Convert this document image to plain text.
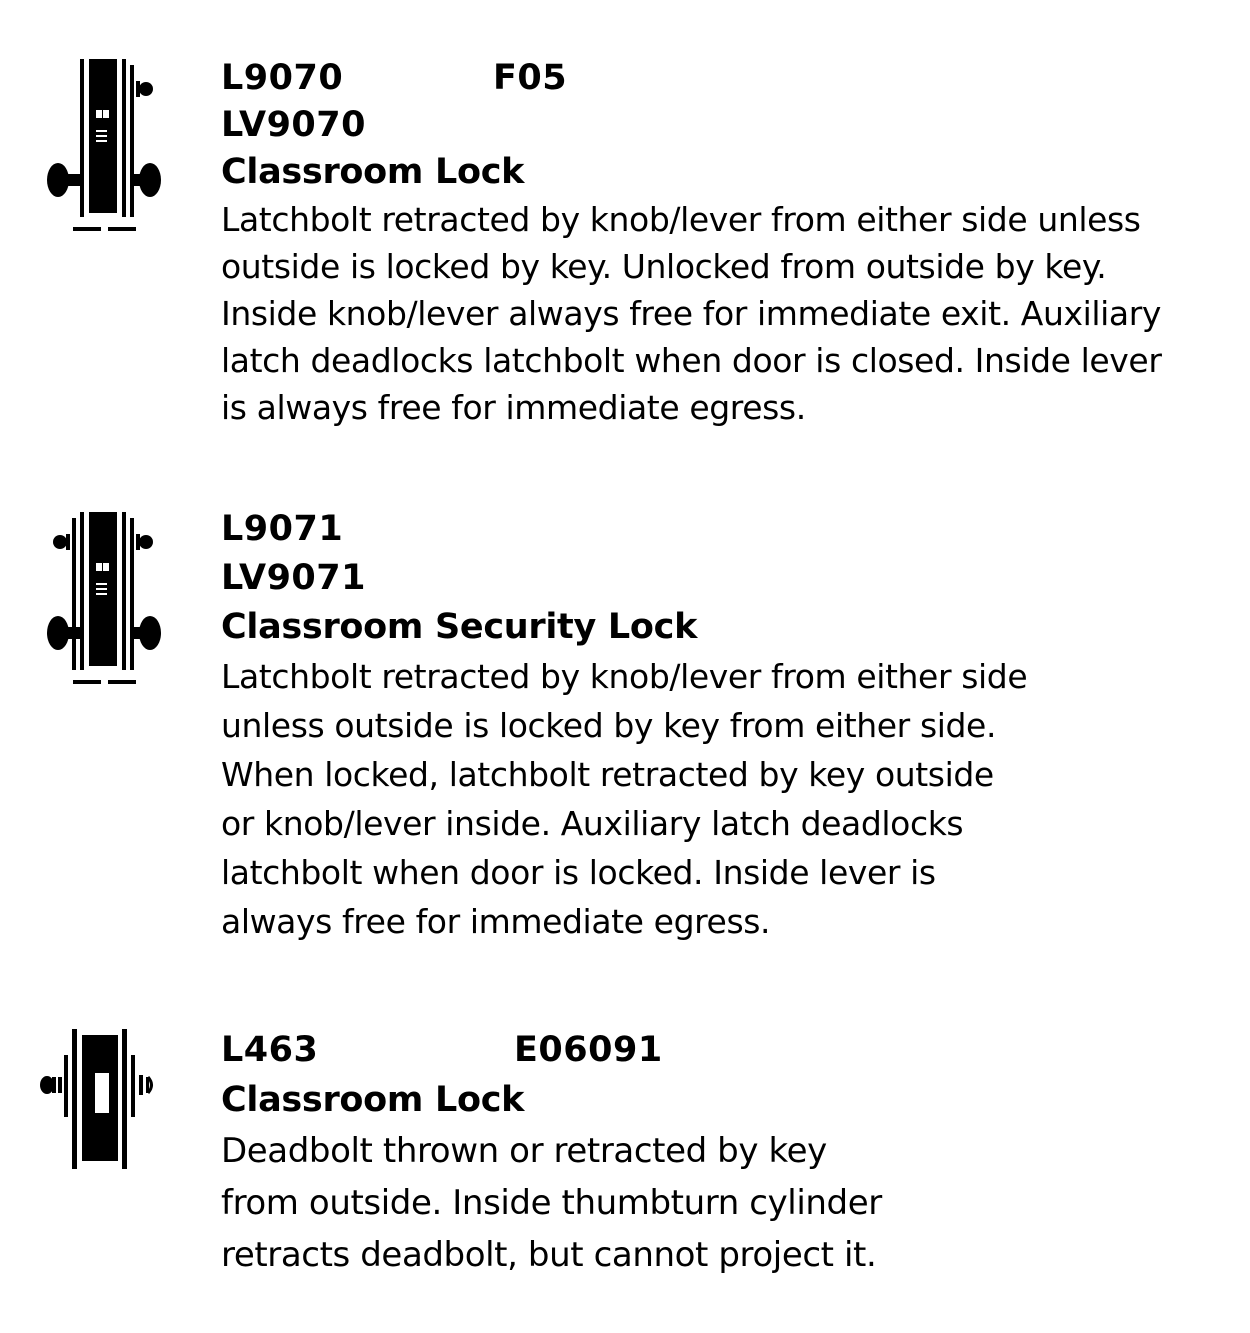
L9070	F05
LV9070
Classroom Lock
Latchbolt retracted by knob/lever from either side unless
outside is locked by key. Unlocked from outside by key.
Inside knob/lever always free for immediate exit. Auxiliary
latch deadlocks latchbolt when door is closed. Inside lever
is always free for immediate egress.
L9071
LV9071
Classroom Security Lock
Latchbolt retracted by knob/lever from either side
unless outside is locked by key from either side.
When locked, latchbolt retracted by key outside
or knob/lever inside. Auxiliary latch deadlocks
latchbolt when door is locked. Inside lever is
always free for immediate egress.
L463	E06091
Classroom Lock
Deadbolt thrown or retracted by key
from outside. Inside thumbturn cylinder
retracts deadbolt, but cannot project it.
